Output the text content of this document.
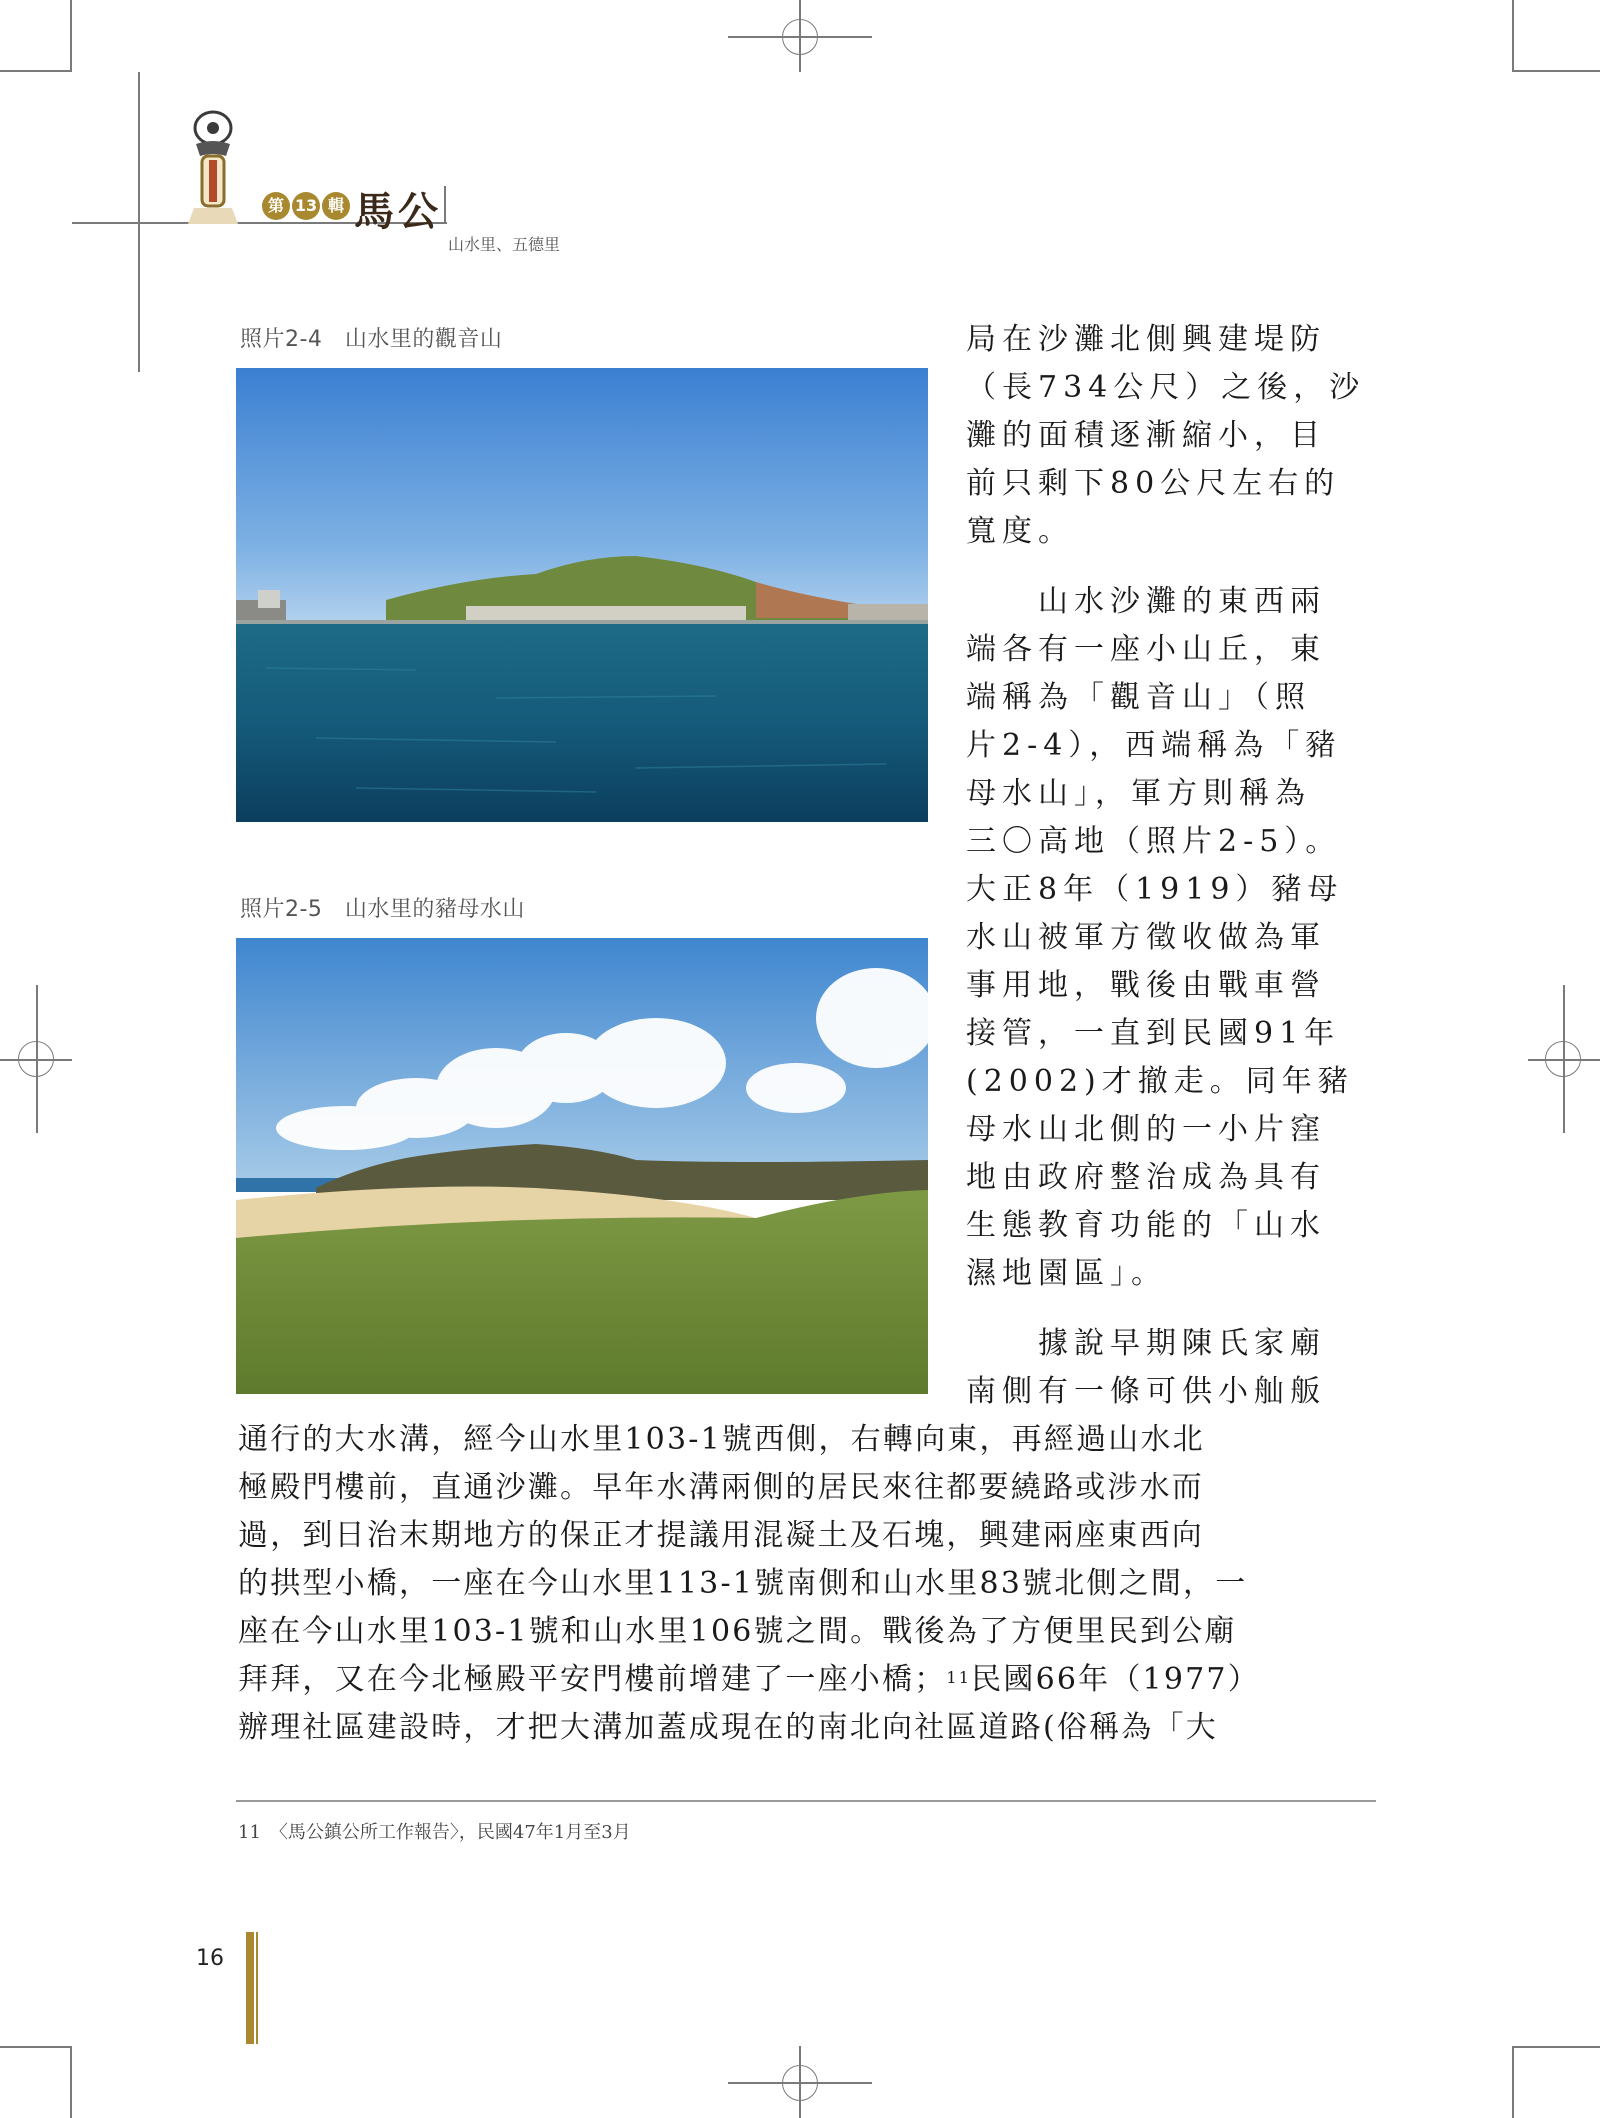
第 13 輯 馬公
山水里、五德里
照片2-4　山水里的觀音山
照片2-5　山水里的豬母水山
局在沙灘北側興建堤防
（長734公尺）之後，沙
灘的面積逐漸縮小，目
前只剩下80公尺左右的
寬度。
　　山水沙灘的東西兩
端各有一座小山丘，東
端稱為「觀音山」（照
片2-4），西端稱為「豬
母水山」，軍方則稱為
三〇高地（照片2-5）。
大正8年（1919）豬母
水山被軍方徵收做為軍
事用地，戰後由戰車營
接管，一直到民國91年
(2002)才撤走。同年豬
母水山北側的一小片窪
地由政府整治成為具有
生態教育功能的「山水
濕地園區」。
　　據說早期陳氏家廟
南側有一條可供小舢舨
通行的大水溝，經今山水里103-1號西側，右轉向東，再經過山水北
極殿門樓前，直通沙灘。早年水溝兩側的居民來往都要繞路或涉水而
過，到日治末期地方的保正才提議用混凝土及石塊，興建兩座東西向
的拱型小橋，一座在今山水里113-1號南側和山水里83號北側之間，一
座在今山水里103-1號和山水里106號之間。戰後為了方便里民到公廟
拜拜，又在今北極殿平安門樓前增建了一座小橋；$^{11}$民國66年（1977）
辦理社區建設時，才把大溝加蓋成現在的南北向社區道路(俗稱為「大
11　〈馬公鎮公所工作報告〉，民國47年1月至3月
16
